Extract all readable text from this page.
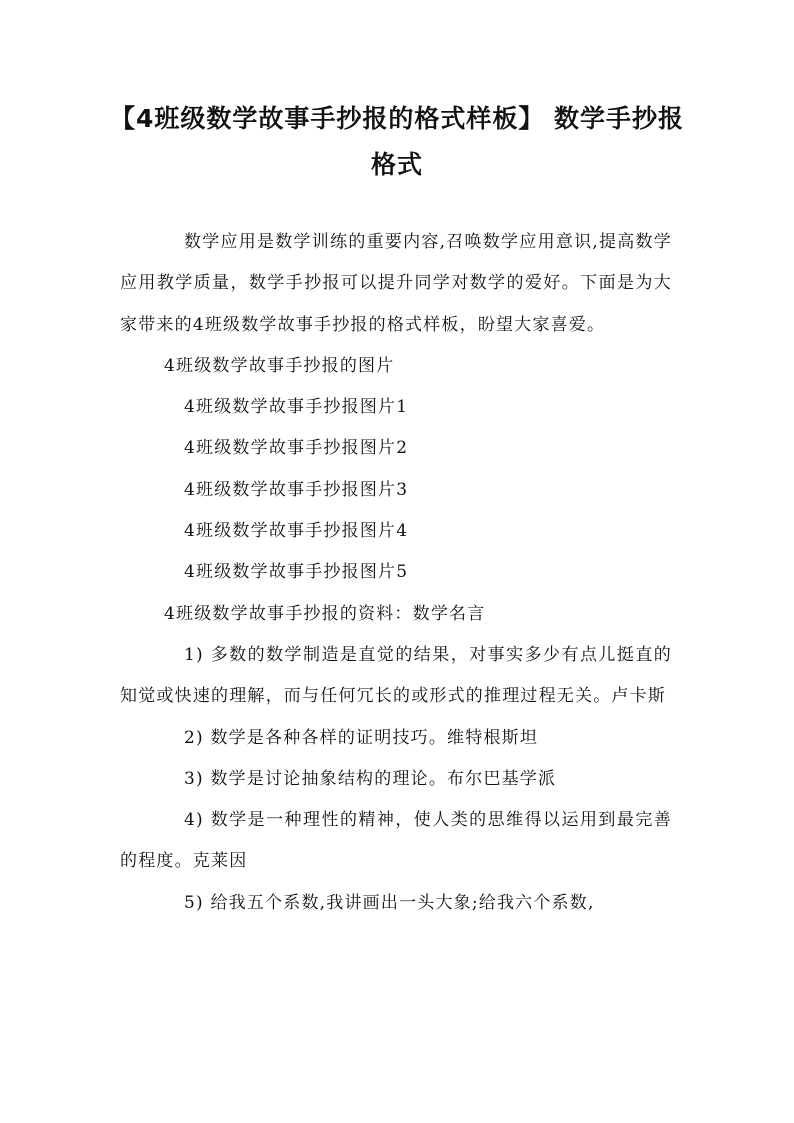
【4班级数学故事手抄报的格式样板】 数学手抄报格式

数学应用是数学训练的重要内容,召唤数学应用意识,提高数学应用教学质量，数学手抄报可以提升同学对数学的爱好。下面是为大家带来的4班级数学故事手抄报的格式样板，盼望大家喜爱。

4班级数学故事手抄报的图片

4班级数学故事手抄报图片1

4班级数学故事手抄报图片2

4班级数学故事手抄报图片3

4班级数学故事手抄报图片4

4班级数学故事手抄报图片5

4班级数学故事手抄报的资料：数学名言

1) 多数的数学制造是直觉的结果，对事实多少有点儿挺直的知觉或快速的理解，而与任何冗长的或形式的推理过程无关。卢卡斯

2) 数学是各种各样的证明技巧。维特根斯坦

3) 数学是讨论抽象结构的理论。布尔巴基学派

4) 数学是一种理性的精神，使人类的思维得以运用到最完善的程度。克莱因

5) 给我五个系数,我讲画出一头大象;给我六个系数,
